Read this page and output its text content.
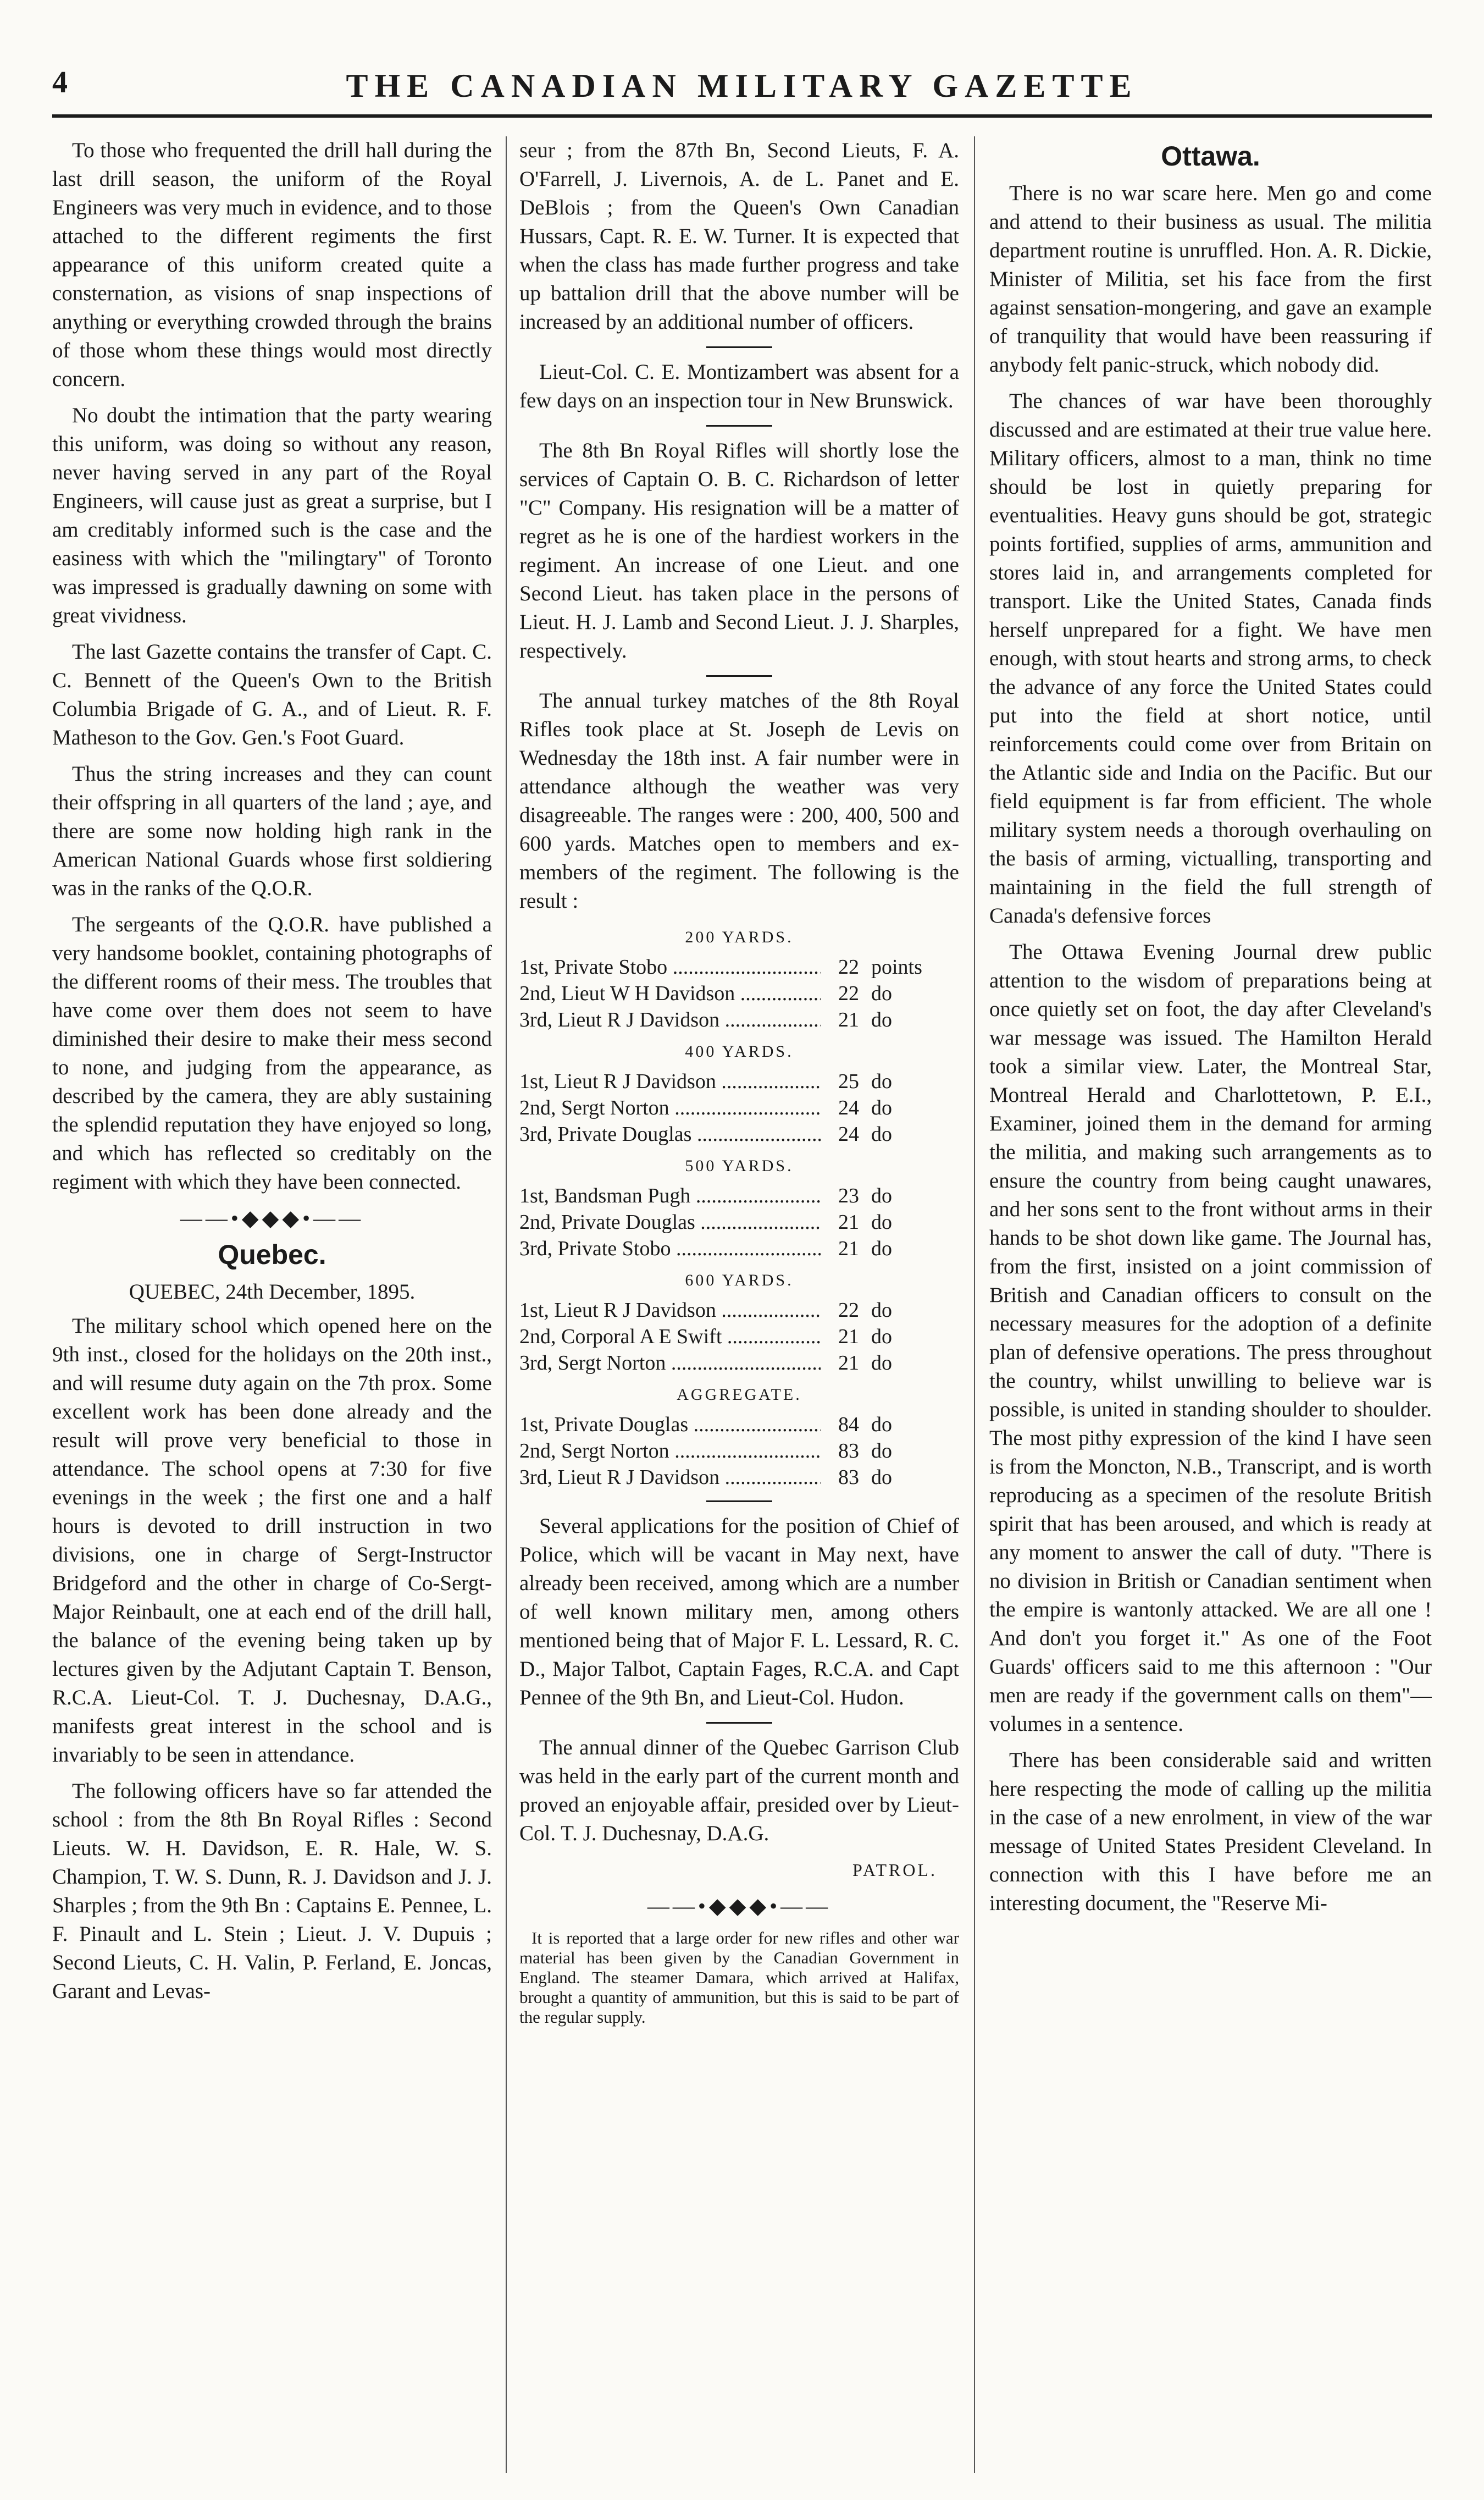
4	THE CANADIAN MILITARY GAZETTE

To those who frequented the drill hall during the last drill season, the uniform of the Royal Engineers was very much in evidence, and to those attached to the different regiments the first appearance of this uniform created quite a consternation, as visions of snap inspections of anything or everything crowded through the brains of those whom these things would most directly concern.

No doubt the intimation that the party wearing this uniform, was doing so without any reason, never having served in any part of the Royal Engineers, will cause just as great a surprise, but I am creditably informed such is the case and the easiness with which the "milingtary" of Toronto was impressed is gradually dawning on some with great vividness.

The last Gazette contains the transfer of Capt. C. C. Bennett of the Queen's Own to the British Columbia Brigade of G. A., and of Lieut. R. F. Matheson to the Gov. Gen.'s Foot Guard.

Thus the string increases and they can count their offspring in all quarters of the land ; aye, and there are some now holding high rank in the American National Guards whose first soldiering was in the ranks of the Q.O.R.

The sergeants of the Q.O.R. have published a very handsome booklet, containing photographs of the different rooms of their mess. The troubles that have come over them does not seem to have diminished their desire to make their mess second to none, and judging from the appearance, as described by the camera, they are ably sustaining the splendid reputation they have enjoyed so long, and which has reflected so creditably on the regiment with which they have been connected.

——•◆◆◆•——
Quebec.

QUEBEC, 24th December, 1895.

The military school which opened here on the 9th inst., closed for the holidays on the 20th inst., and will resume duty again on the 7th prox. Some excellent work has been done already and the result will prove very beneficial to those in attendance. The school opens at 7:30 for five evenings in the week ; the first one and a half hours is devoted to drill instruction in two divisions, one in charge of Sergt-Instructor Bridgeford and the other in charge of Co-Sergt-Major Reinbault, one at each end of the drill hall, the balance of the evening being taken up by lectures given by the Adjutant Captain T. Benson, R.C.A. Lieut-Col. T. J. Duchesnay, D.A.G., manifests great interest in the school and is invariably to be seen in attendance.

The following officers have so far attended the school : from the 8th Bn Royal Rifles : Second Lieuts. W. H. Davidson, E. R. Hale, W. S. Champion, T. W. S. Dunn, R. J. Davidson and J. J. Sharples ; from the 9th Bn : Captains E. Pennee, L. F. Pinault and L. Stein ; Lieut. J. V. Dupuis ; Second Lieuts, C. H. Valin, P. Ferland, E. Joncas, Garant and Levas-

seur ; from the 87th Bn, Second Lieuts, F. A. O'Farrell, J. Livernois, A. de L. Panet and E. DeBlois ; from the Queen's Own Canadian Hussars, Capt. R. E. W. Turner. It is expected that when the class has made further progress and take up battalion drill that the above number will be increased by an additional number of officers.

Lieut-Col. C. E. Montizambert was absent for a few days on an inspection tour in New Brunswick.

The 8th Bn Royal Rifles will shortly lose the services of Captain O. B. C. Richardson of letter "C" Company. His resignation will be a matter of regret as he is one of the hardiest workers in the regiment. An increase of one Lieut. and one Second Lieut. has taken place in the persons of Lieut. H. J. Lamb and Second Lieut. J. J. Sharples, respectively.

The annual turkey matches of the 8th Royal Rifles took place at St. Joseph de Levis on Wednesday the 18th inst. A fair number were in attendance although the weather was very disagreeable. The ranges were : 200, 400, 500 and 600 yards. Matches open to members and ex-members of the regiment. The following is the result :

200 YARDS.
1st, Private Stobo .....	22 points
2nd, Lieut W H Davidson .....	22 do
3rd, Lieut R J Davidson .....	21 do
400 YARDS.
1st, Lieut R J Davidson .....	25 do
2nd, Sergt Norton .....	24 do
3rd, Private Douglas .....	24 do
500 YARDS.
1st, Bandsman Pugh .....	23 do
2nd, Private Douglas .....	21 do
3rd, Private Stobo .....	21 do
600 YARDS.
1st, Lieut R J Davidson .....	22 do
2nd, Corporal A E Swift .....	21 do
3rd, Sergt Norton .....	21 do
AGGREGATE.
1st, Private Douglas .....	84 do
2nd, Sergt Norton .....	83 do
3rd, Lieut R J Davidson .....	83 do

Several applications for the position of Chief of Police, which will be vacant in May next, have already been received, among which are a number of well known military men, among others mentioned being that of Major F. L. Lessard, R. C. D., Major Talbot, Captain Fages, R.C.A. and Capt Pennee of the 9th Bn, and Lieut-Col. Hudon.

The annual dinner of the Quebec Garrison Club was held in the early part of the current month and proved an enjoyable affair, presided over by Lieut-Col. T. J. Duchesnay, D.A.G.

PATROL.

——•◆◆◆•——

It is reported that a large order for new rifles and other war material has been given by the Canadian Government in England. The steamer Damara, which arrived at Halifax, brought a quantity of ammunition, but this is said to be part of the regular supply.

Ottawa.

There is no war scare here. Men go and come and attend to their business as usual. The militia department routine is unruffled. Hon. A. R. Dickie, Minister of Militia, set his face from the first against sensation-mongering, and gave an example of tranquility that would have been reassuring if anybody felt panic-struck, which nobody did.

The chances of war have been thoroughly discussed and are estimated at their true value here. Military officers, almost to a man, think no time should be lost in quietly preparing for eventualities. Heavy guns should be got, strategic points fortified, supplies of arms, ammunition and stores laid in, and arrangements completed for transport. Like the United States, Canada finds herself unprepared for a fight. We have men enough, with stout hearts and strong arms, to check the advance of any force the United States could put into the field at short notice, until reinforcements could come over from Britain on the Atlantic side and India on the Pacific. But our field equipment is far from efficient. The whole military system needs a thorough overhauling on the basis of arming, victualling, transporting and maintaining in the field the full strength of Canada's defensive forces

The Ottawa Evening Journal drew public attention to the wisdom of preparations being at once quietly set on foot, the day after Cleveland's war message was issued. The Hamilton Herald took a similar view. Later, the Montreal Star, Montreal Herald and Charlottetown, P. E.I., Examiner, joined them in the demand for arming the militia, and making such arrangements as to ensure the country from being caught unawares, and her sons sent to the front without arms in their hands to be shot down like game. The Journal has, from the first, insisted on a joint commission of British and Canadian officers to consult on the necessary measures for the adoption of a definite plan of defensive operations. The press throughout the country, whilst unwilling to believe war is possible, is united in standing shoulder to shoulder. The most pithy expression of the kind I have seen is from the Moncton, N.B., Transcript, and is worth reproducing as a specimen of the resolute British spirit that has been aroused, and which is ready at any moment to answer the call of duty. "There is no division in British or Canadian sentiment when the empire is wantonly attacked. We are all one ! And don't you forget it." As one of the Foot Guards' officers said to me this afternoon : "Our men are ready if the government calls on them"—volumes in a sentence.

There has been considerable said and written here respecting the mode of calling up the militia in the case of a new enrolment, in view of the war message of United States President Cleveland. In connection with this I have before me an interesting document, the "Reserve Mi-
